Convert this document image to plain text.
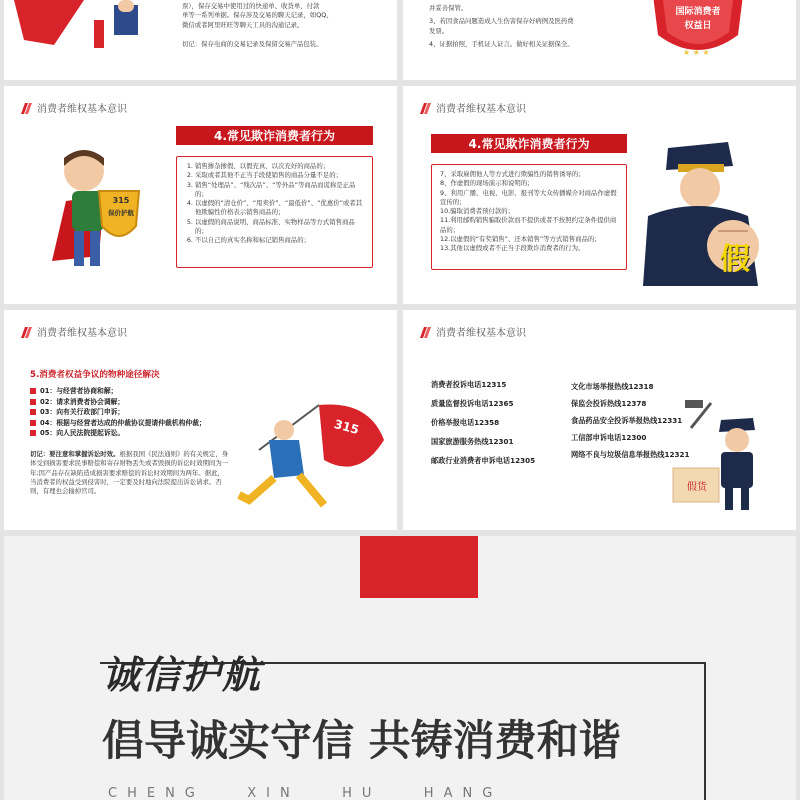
票），保存交易中使用过的快递单、收货单、付款
单等一系列单据。保存涉及交易的聊天记录，如QQ、
微信或者阿里旺旺等聊天工具的沟通记录。
切记：保存电商的交易记录及保留交易产品包装。
并妥善保管。
3、若因食品问题造成人生伤害保存好病例及医药费
发票。
4、证据拍照，手机证人证言。做好相关证据保全。
★ ★ ★
国际消费者
权益日
消费者维权基本意识
4.常见欺诈消费者行为
1. 销售掺杂掺假、以假充真、以次充好的商品的；
2. 采取或者其他不正当手段使销售的商品分量不足的；
3. 销售“处理品”、“残次品”、“等外品”等商品而谎称是正品的；
4. 以虚假的“清仓价”、“甩卖价”、“最低价”、“优惠价”或者其他欺骗性价格表示销售商品的；
5. 以虚假的商品说明、商品标准、实物样品等方式销售商品的；
6. 不以自己的真实名称和标记销售商品的；
315
保价护航
消费者维权基本意识
4.常见欺诈消费者行为
7、采取雇佣他人等方式进行欺骗性的销售诱导的；
8、作虚假的现场演示和说明的；
9、利用广播、电视、电影、报刊等大众传播媒介对商品作虚假宣传的；
10.骗取消费者预付款的；
11.利用邮购销售骗取价款而不提供或者不按照约定条件提供商品的；
12.以虚假的“有奖销售”、还本销售”等方式销售商品的；
13.其他以虚假或者不正当手段欺诈消费者的行为。	假
消费者维权基本意识
5.消费者权益争议的物种途径解决
01：与经营者协商和解；
02：请求消费者协会调解；
03：向有关行政部门申诉；
04：根据与经营者达成的仲裁协议提请仲裁机构仲裁；
05：向人民法院提起诉讼。
切记：要注意和掌握诉讼时效。根据我国《民法通则》的有关规定，身体受到损害要求民事赔偿和寄存财物丢失或者毁损的诉讼时效期间为一年;因产品存在缺陷造成损害要求赔偿的诉讼时效期间为两年。据此，当消费者的权益受到侵害时，一定要及时地向法院提出诉讼请求。否则，有理也会输掉官司。
315
消费者维权基本意识
消费者投诉电话12315
质量监督投诉电话12365
价格举报电话12358
国家旅游服务热线12301
邮政行业消费者申诉电话12305
文化市场举报热线12318
保监会投诉热线12378
食品药品安全投诉举报热线12331
工信部申诉电话12300
网络不良与垃圾信息举报热线12321
假货
诚信护航
倡导诚实守信 共铸消费和谐
CHENG   XIN   HU   HANG
